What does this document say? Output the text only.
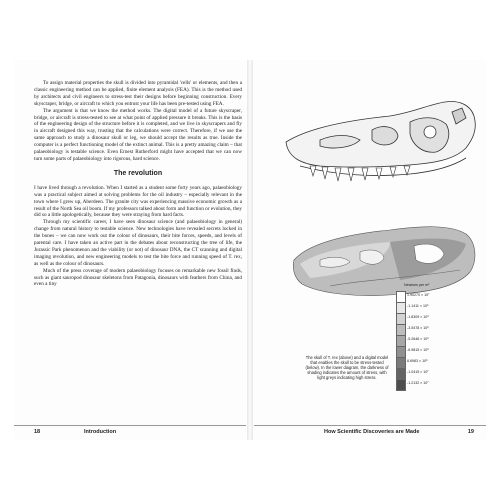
To assign material properties the skull is divided into pyramidal 'cells' or elements, and then a classic engineering method can be applied, finite element analysis (FEA). This is the method used by architects and civil engineers to stress-test their designs before beginning construction. Every skyscraper, bridge, or aircraft to which you entrust your life has been pre-tested using FEA.

The argument is that we know the method works. The digital model of a future skyscraper, bridge, or aircraft is stress-tested to see at what point of applied pressure it breaks. This is the basis of the engineering design of the structure before it is completed, and we live in skyscrapers and fly in aircraft designed this way, trusting that the calculations were correct. Therefore, if we use the same approach to study a dinosaur skull or leg, we should accept the results as true. Inside the computer is a perfect functioning model of the extinct animal. This is a pretty amazing claim – that palaeobiology is testable science. Even Ernest Rutherford might have accepted that we can now turn some parts of palaeobiology into rigorous, hard science.

The revolution

I have lived through a revolution. When I started as a student some forty years ago, palaeobiology was a practical subject aimed at solving problems for the oil industry – especially relevant in the town where I grew up, Aberdeen. The granite city was experiencing massive economic growth as a result of the North Sea oil boom. If my professors talked about form and function or evolution, they did so a little apologetically, because they were straying from hard facts.

Through my scientific career, I have seen dinosaur science (and palaeobiology in general) change from natural history to testable science. New technologies have revealed secrets locked in the bones – we can now work out the colour of dinosaurs, their bite forces, speeds, and levels of parental care. I have taken an active part in the debates about reconstructing the tree of life, the Jurassic Park phenomenon and the viability (or not) of dinosaur DNA, the CT scanning and digital imaging revolution, and new engineering models to test the bite force and running speed of T. rex, as well as the colour of dinosaurs.

Much of the press coverage of modern palaeobiology focuses on remarkable new fossil finds, such as giant sauropod dinosaur skeletons from Patagonia, dinosaurs with feathers from China, and even a tiny

18	Introduction
Newtons per m²
1.90270 × 10⁷
-1.1411 × 10⁶
-1.8309 × 10⁶
-3.5478 × 10⁶
-5.2646 × 10⁶
-6.9815 × 10⁶
8.6983 × 10⁶
-1.0415 × 10⁷
-1.2132 × 10⁷
The skull of T. rex (above) and a digital model that enables the skull to be stress-tested (below). In the lower diagram, the darkness of shading indicates the amount of stress, with light greys indicating high stress.
How Scientific Discoveries are Made	19
